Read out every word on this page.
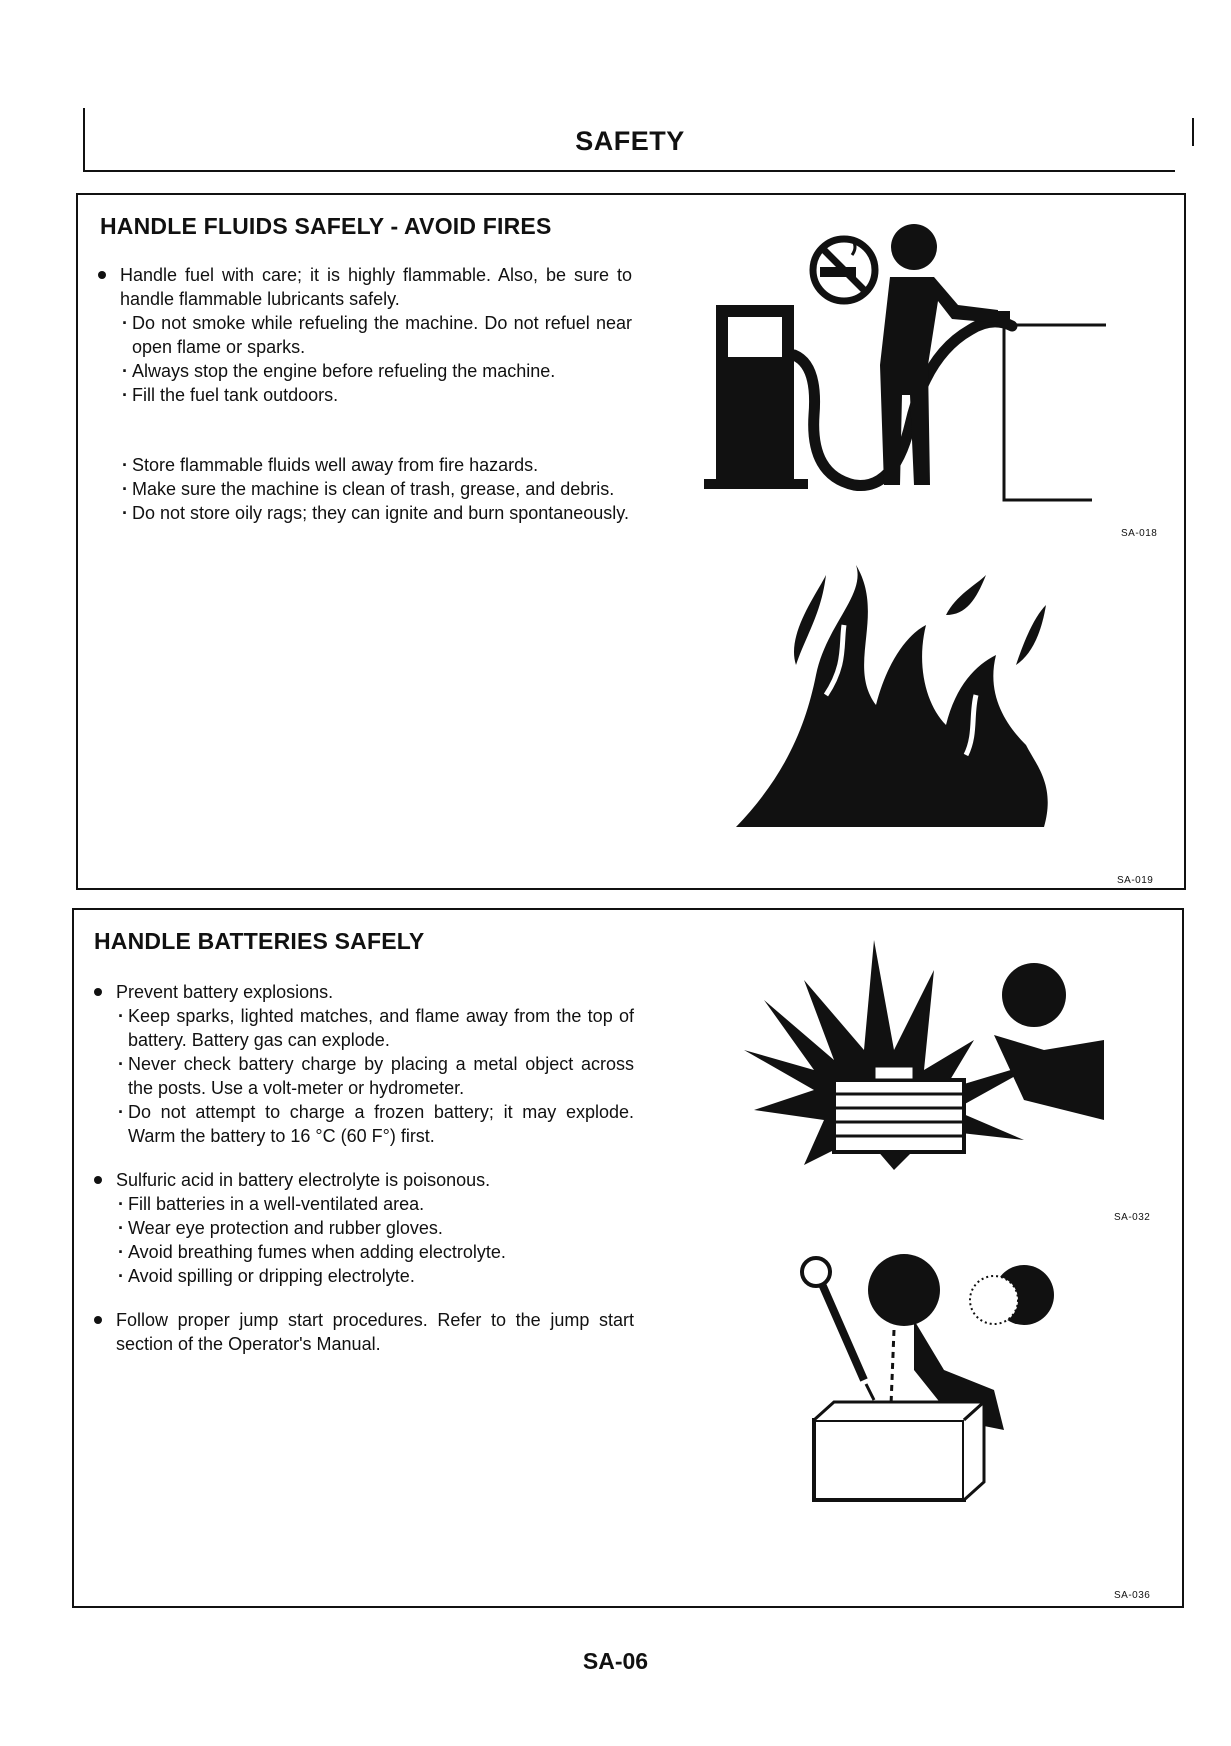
SAFETY
HANDLE FLUIDS SAFELY - AVOID FIRES
Handle fuel with care; it is highly flammable. Also, be sure to handle flammable lubricants safely.
· Do not smoke while refueling the machine. Do not refuel near open flame or sparks.
· Always stop the engine before refueling the machine.
· Fill the fuel tank outdoors.
· Store flammable fluids well away from fire hazards.
· Make sure the machine is clean of trash, grease, and debris.
· Do not store oily rags; they can ignite and burn spontaneously.
SA-018
SA-019
HANDLE BATTERIES SAFELY
Prevent battery explosions.
· Keep sparks, lighted matches, and flame away from the top of battery. Battery gas can explode.
· Never check battery charge by placing a metal object across the posts. Use a volt-meter or hydrometer.
· Do not attempt to charge a frozen battery; it may explode. Warm the battery to 16 °C (60 F°) first.
Sulfuric acid in battery electrolyte is poisonous.
· Fill batteries in a well-ventilated area.
· Wear eye protection and rubber gloves.
· Avoid breathing fumes when adding electrolyte.
· Avoid spilling or dripping electrolyte.
Follow proper jump start procedures. Refer to the jump start section of the Operator's Manual.
SA-032
SA-036
SA-06
